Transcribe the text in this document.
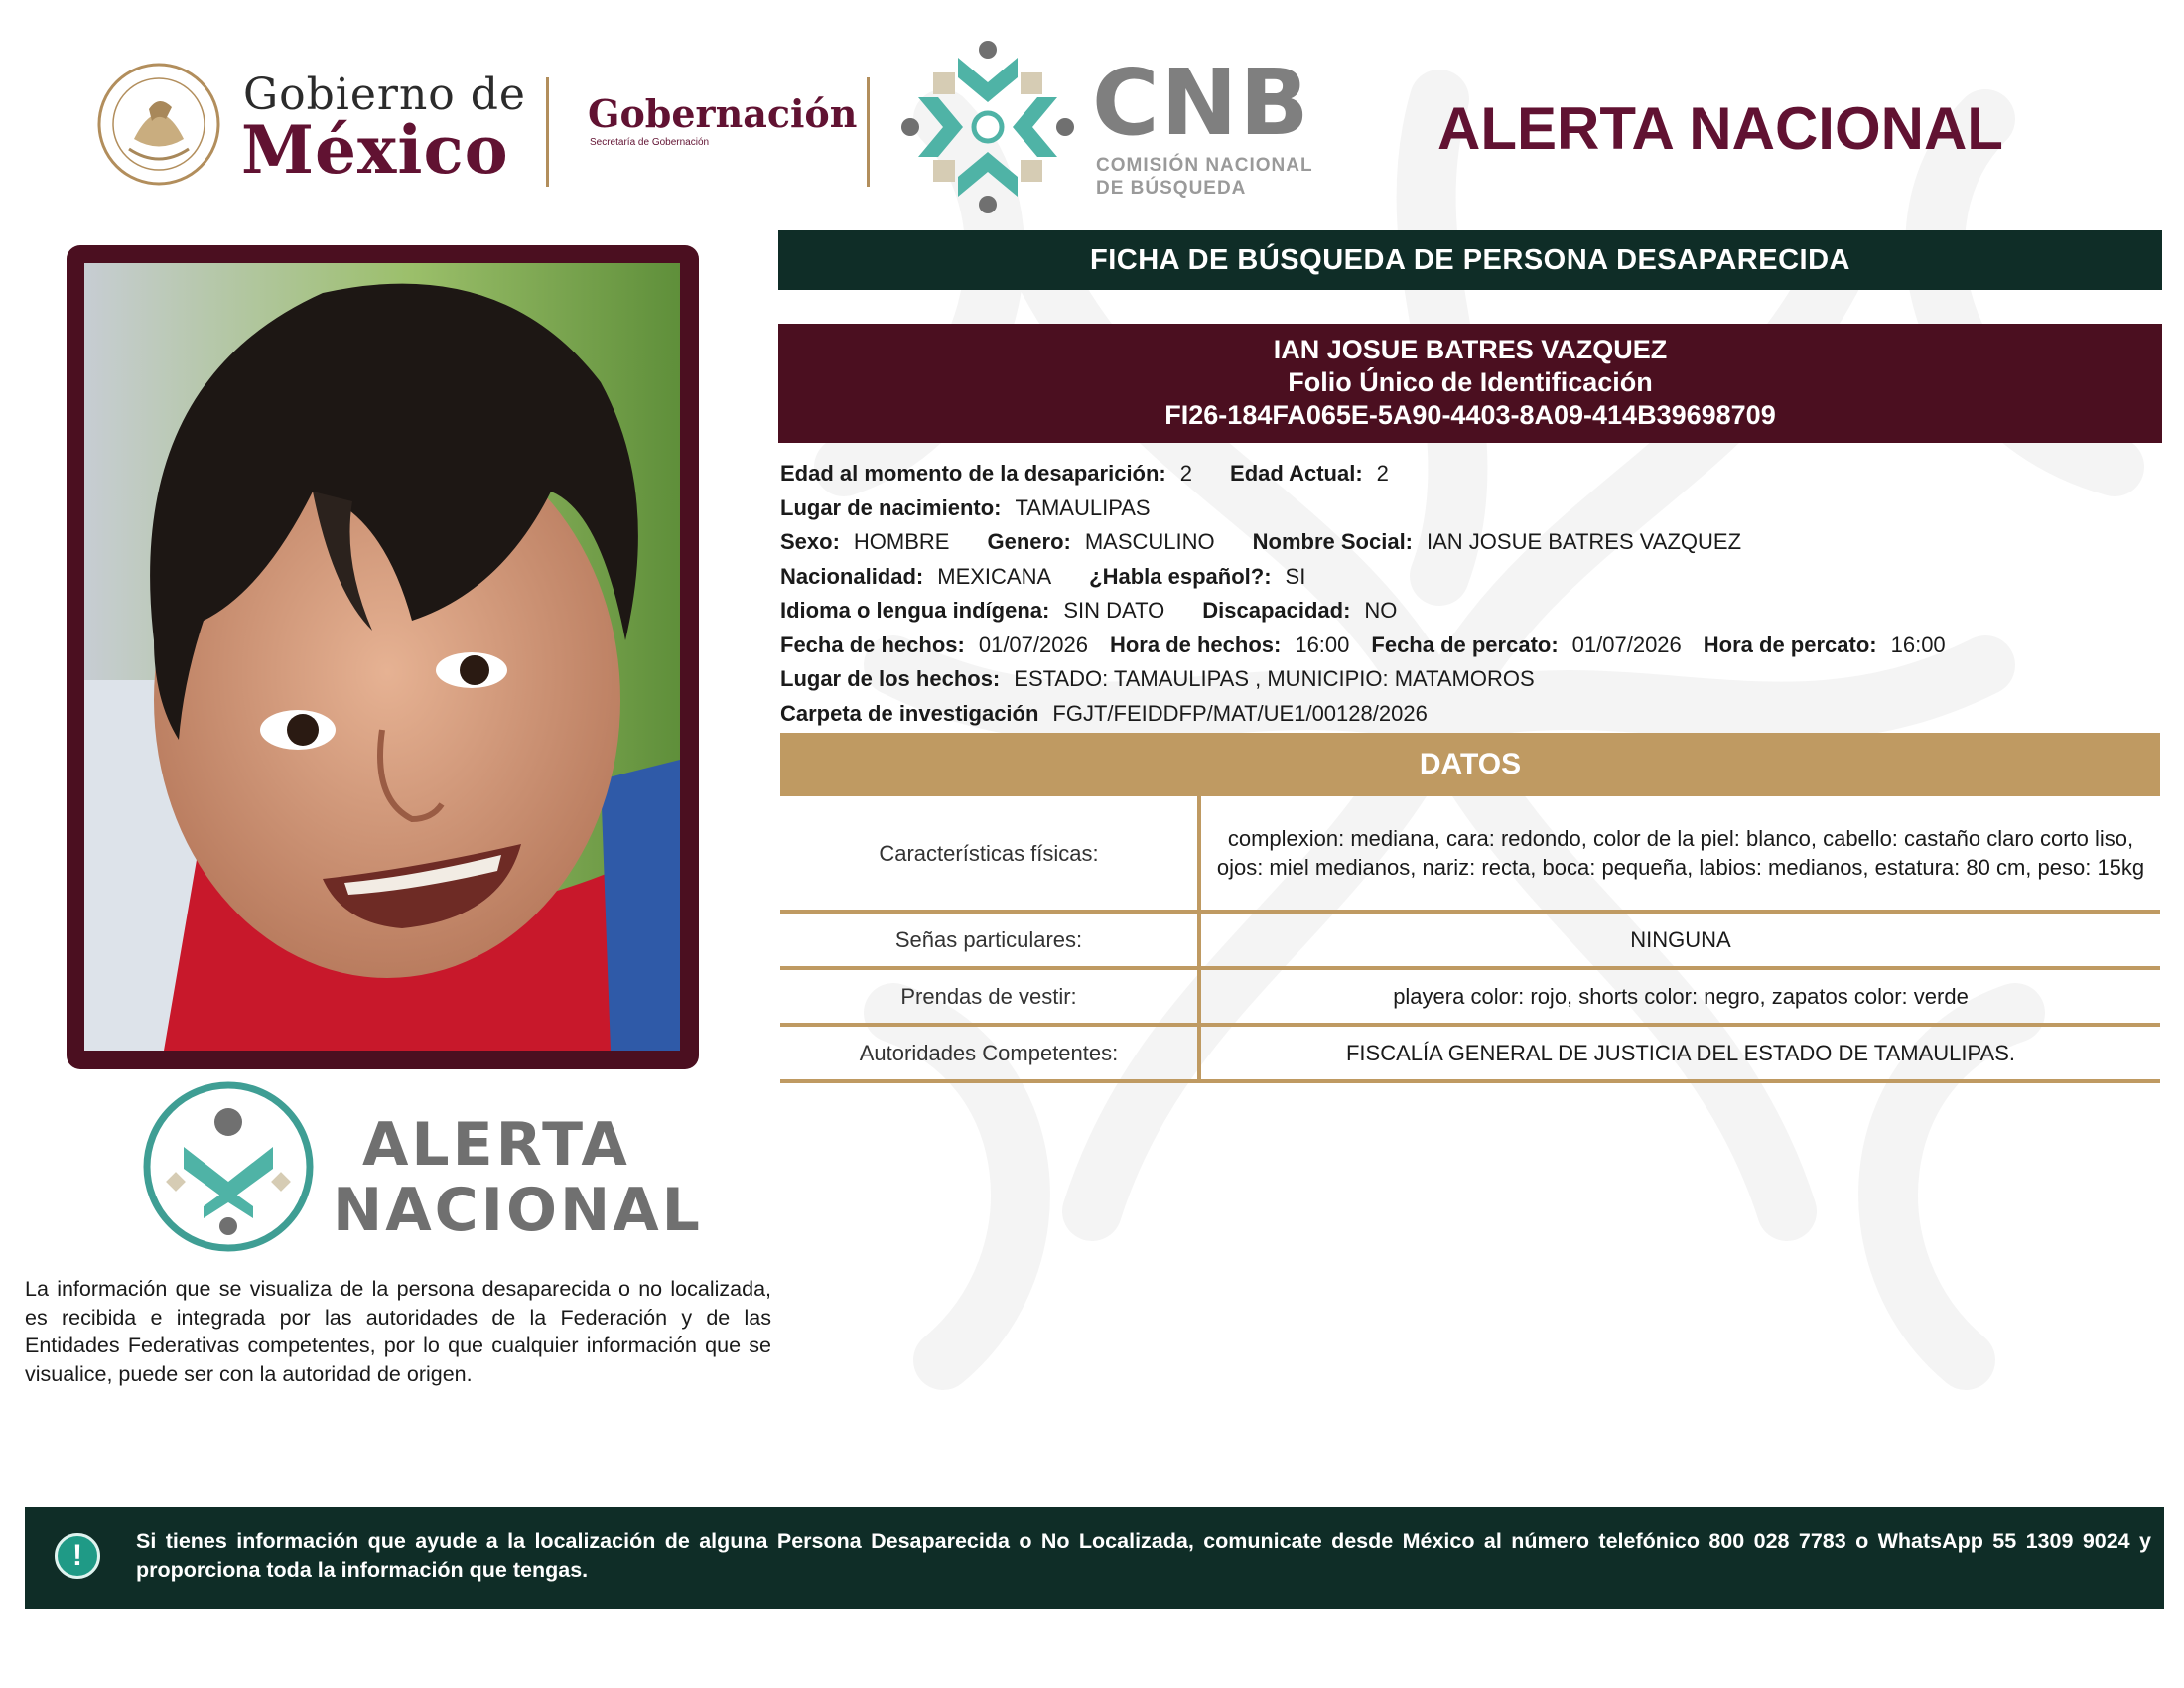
Gobierno de
México Gobernación
Secretaría de Gobernación	CNB
COMISIÓN NACIONAL
DE BÚSQUEDA
ALERTA NACIONAL
FICHA DE BÚSQUEDA DE PERSONA DESAPARECIDA
IAN JOSUE BATRES VAZQUEZ
Folio Único de Identificación
FI26-184FA065E-5A90-4403-8A09-414B39698709
Edad al momento de la desaparición: 2 Edad Actual: 2
Lugar de nacimiento: TAMAULIPAS
Sexo: HOMBRE Genero: MASCULINO Nombre Social: IAN JOSUE BATRES VAZQUEZ
Nacionalidad: MEXICANA ¿Habla español?: SI
Idioma o lengua indígena: SIN DATO Discapacidad: NO
Fecha de hechos: 01/07/2026 Hora de hechos: 16:00 Fecha de percato: 01/07/2026 Hora de percato: 16:00
Lugar de los hechos: ESTADO: TAMAULIPAS , MUNICIPIO: MATAMOROS
Carpeta de investigación FGJT/FEIDDFP/MAT/UE1/00128/2026
DATOS
Características físicas:	complexion: mediana, cara: redondo, color de la piel: blanco, cabello: castaño claro corto liso, ojos: miel medianos, nariz: recta, boca: pequeña, labios: medianos, estatura: 80 cm, peso: 15kg
Señas particulares:	NINGUNA
Prendas de vestir:	playera color: rojo, shorts color: negro, zapatos color: verde
Autoridades Competentes:	FISCALÍA GENERAL DE JUSTICIA DEL ESTADO DE TAMAULIPAS.
ALERTA
NACIONAL
La información que se visualiza de la persona desaparecida o no localizada, es recibida e integrada por las autoridades de la Federación y de las Entidades Federativas competentes, por lo que cualquier información que se visualice, puede ser con la autoridad de origen.
!	Si tienes información que ayude a la localización de alguna Persona Desaparecida o No Localizada, comunicate desde México al número telefónico 800 028 7783 o WhatsApp 55 1309 9024 y proporciona toda la información que tengas.
